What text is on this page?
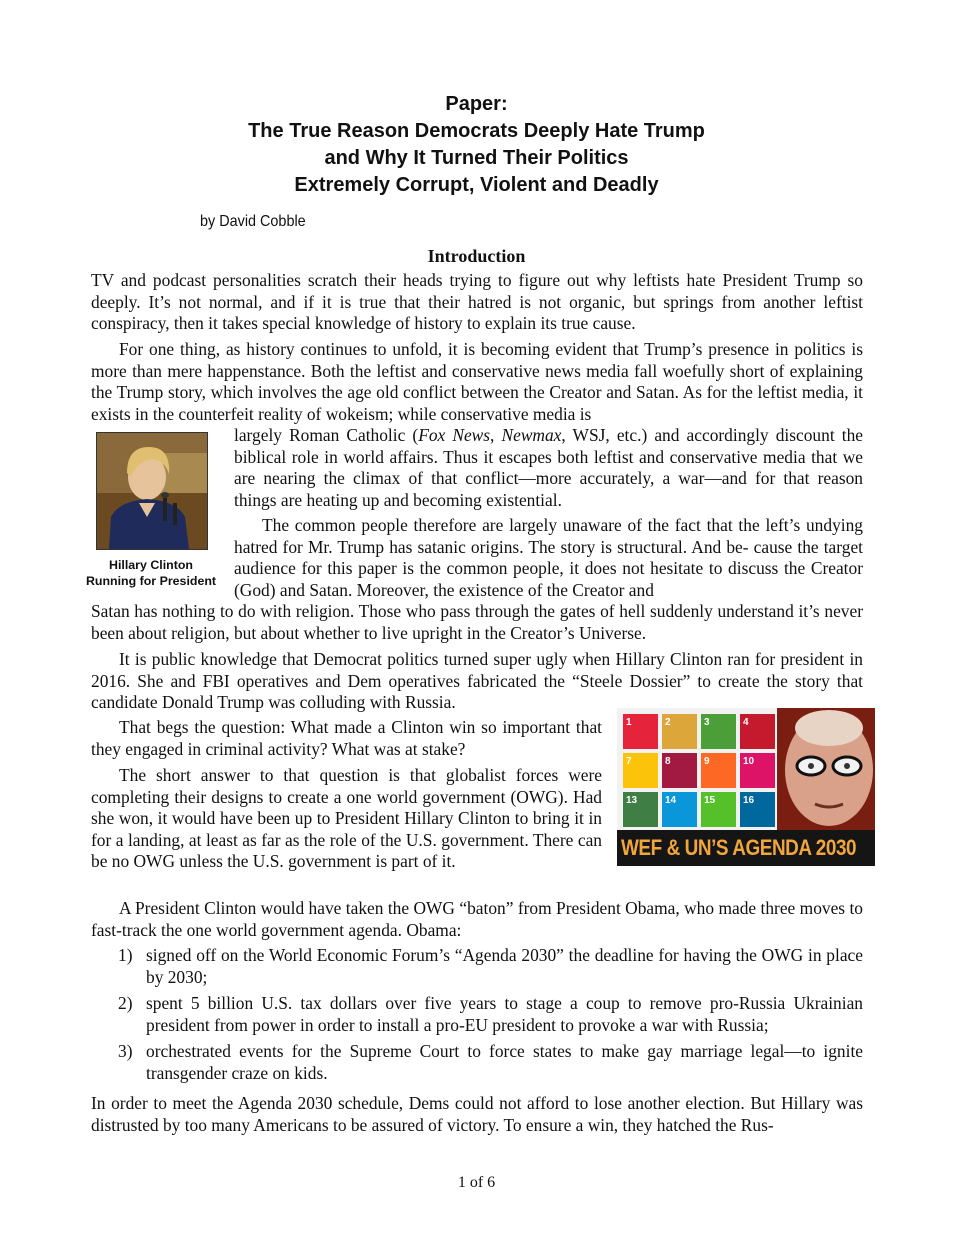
Paper:
The True Reason Democrats Deeply Hate Trump
and Why It Turned Their Politics
Extremely Corrupt, Violent and Deadly
by David Cobble
Introduction

TV and podcast personalities scratch their heads trying to figure out why leftists hate President Trump so deeply. It’s not normal, and if it is true that their hatred is not organic, but springs from another leftist conspiracy, then it takes special knowledge of history to explain its true cause.

For one thing, as history continues to unfold, it is becoming evident that Trump’s presence in politics is more than mere happenstance. Both the leftist and conservative news media fall woefully short of explaining the Trump story, which involves the age old conflict between the Creator and Satan. As for the leftist media, it exists in the counterfeit reality of wokeism; while conservative media is

Hillary Clinton
Running for President

largely Roman Catholic (Fox News, Newmax, WSJ, etc.) and accordingly discount the biblical role in world affairs. Thus it escapes both leftist and conservative media that we are nearing the climax of that conflict—more accurately, a war—and for that reason things are heating up and becoming existential.

The common people therefore are largely unaware of the fact that the left’s undying hatred for Mr. Trump has satanic origins. The story is structural. And be- cause the target audience for this paper is the common people, it does not hesitate to discuss the Creator (God) and Satan. Moreover, the existence of the Creator and

Satan has nothing to do with religion. Those who pass through the gates of hell suddenly understand it’s never been about religion, but about whether to live upright in the Creator’s Universe.

It is public knowledge that Democrat politics turned super ugly when Hillary Clinton ran for president in 2016. She and FBI operatives and Dem operatives fabricated the “Steele Dossier” to create the story that candidate Donald Trump was colluding with Russia.

That begs the question: What made a Clinton win so important that they engaged in criminal activity? What was at stake?

The short answer to that question is that globalist forces were completing their designs to create a one world government (OWG). Had she won, it would have been up to President Hillary Clinton to bring it in for a landing, at least as far as the role of the U.S. government. There can be no OWG unless the U.S. government is part of it.

1	2	3	4
7	8	9	10
13	14	15	16
WEF & UN’S AGENDA 2030

A President Clinton would have taken the OWG “baton” from President Obama, who made three moves to fast-track the one world government agenda. Obama:

1) signed off on the World Economic Forum’s “Agenda 2030” the deadline for having the OWG in place by 2030;
2) spent 5 billion U.S. tax dollars over five years to stage a coup to remove pro-Russia Ukrainian president from power in order to install a pro-EU president to provoke a war with Russia;
3) orchestrated events for the Supreme Court to force states to make gay marriage legal—to ignite transgender craze on kids.

In order to meet the Agenda 2030 schedule, Dems could not afford to lose another election. But Hillary was distrusted by too many Americans to be assured of victory. To ensure a win, they hatched the Rus-

1 of 6
